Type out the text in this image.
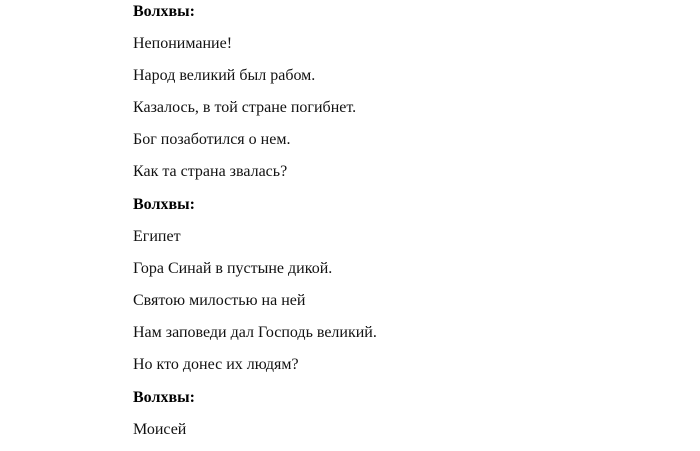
Волхвы:
Непонимание!
Народ великий был рабом.
Казалось, в той стране погибнет.
Бог позаботился о нем.
Как та страна звалась?
Волхвы:
Египет
Гора Синай в пустыне дикой.
Святою милостью на ней
Нам заповеди дал Господь великий.
Но кто донес их людям?
Волхвы:
Моисей
